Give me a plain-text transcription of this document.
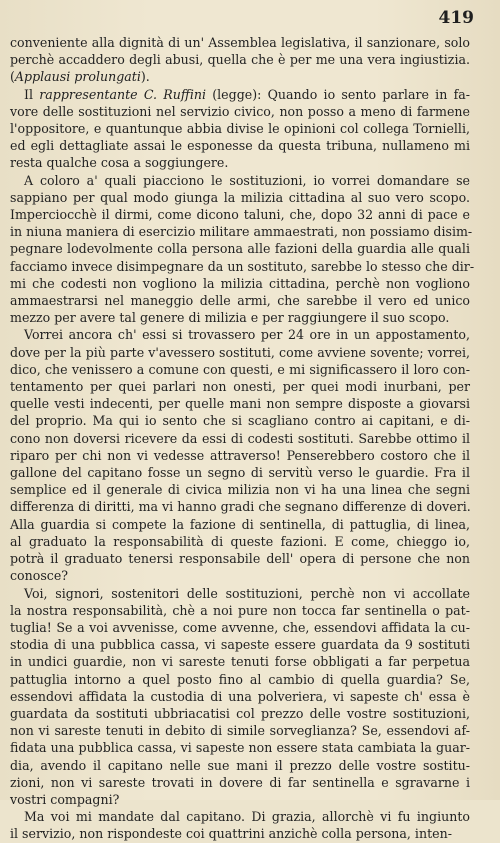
419

conveniente alla dignità di un' Assemblea legislativa, il sanzionare, solo
perchè accaddero degli abusi, quella che è per me una vera ingiustizia.
(Applausi prolungati).

Il rappresentante C. Ruffini (legge): Quando io sento parlare in fa-
vore delle sostituzioni nel servizio civico, non posso a meno di farmene
l'oppositore, e quantunque abbia divise le opinioni col collega Tornielli,
ed egli dettagliate assai le esponesse da questa tribuna, nullameno mi
resta qualche cosa a soggiungere.

A coloro a' quali piacciono le sostituzioni, io vorrei domandare se
sappiano per qual modo giunga la milizia cittadina al suo vero scopo.
Imperciocchè il dirmi, come dicono taluni, che, dopo 32 anni di pace e
in niuna maniera di esercizio militare ammaestrati, non possiamo disim-
pegnare lodevolmente colla persona alle fazioni della guardia alle quali
facciamo invece disimpegnare da un sostituto, sarebbe lo stesso che dir-
mi che codesti non vogliono la milizia cittadina, perchè non vogliono
ammaestrarsi nel maneggio delle armi, che sarebbe il vero ed unico
mezzo per avere tal genere di milizia e per raggiungere il suo scopo.

Vorrei ancora ch' essi si trovassero per 24 ore in un appostamento,
dove per la più parte v'avessero sostituti, come avviene sovente; vorrei,
dico, che venissero a comune con questi, e mi significassero il loro con-
tentamento per quei parlari non onesti, per quei modi inurbani, per
quelle vesti indecenti, per quelle mani non sempre disposte a giovarsi
del proprio. Ma qui io sento che si scagliano contro ai capitani, e di-
cono non doversi ricevere da essi di codesti sostituti. Sarebbe ottimo il
riparo per chi non vi vedesse attraverso! Penserebbero costoro che il
gallone del capitano fosse un segno di servitù verso le guardie. Fra il
semplice ed il generale di civica milizia non vi ha una linea che segni
differenza di diritti, ma vi hanno gradi che segnano differenze di doveri.
Alla guardia si compete la fazione di sentinella, di pattuglia, di linea,
al graduato la responsabilità di queste fazioni. E come, chieggo io,
potrà il graduato tenersi responsabile dell' opera di persone che non
conosce?

Voi, signori, sostenitori delle sostituzioni, perchè non vi accollate
la nostra responsabilità, chè a noi pure non tocca far sentinella o pat-
tuglia! Se a voi avvenisse, come avvenne, che, essendovi affidata la cu-
stodia di una pubblica cassa, vi sapeste essere guardata da 9 sostituti
in undici guardie, non vi sareste tenuti forse obbligati a far perpetua
pattuglia intorno a quel posto fino al cambio di quella guardia? Se,
essendovi affidata la custodia di una polveriera, vi sapeste ch' essa è
guardata da sostituti ubbriacatisi col prezzo delle vostre sostituzioni,
non vi sareste tenuti in debito di simile sorveglianza? Se, essendovi af-
fidata una pubblica cassa, vi sapeste non essere stata cambiata la guar-
dia, avendo il capitano nelle sue mani il prezzo delle vostre sostitu-
zioni, non vi sareste trovati in dovere di far sentinella e sgravarne i
vostri compagni?

Ma voi mi mandate dal capitano. Di grazia, allorchè vi fu ingiunto
il servizio, non rispondeste coi quattrini anzichè colla persona, inten-
